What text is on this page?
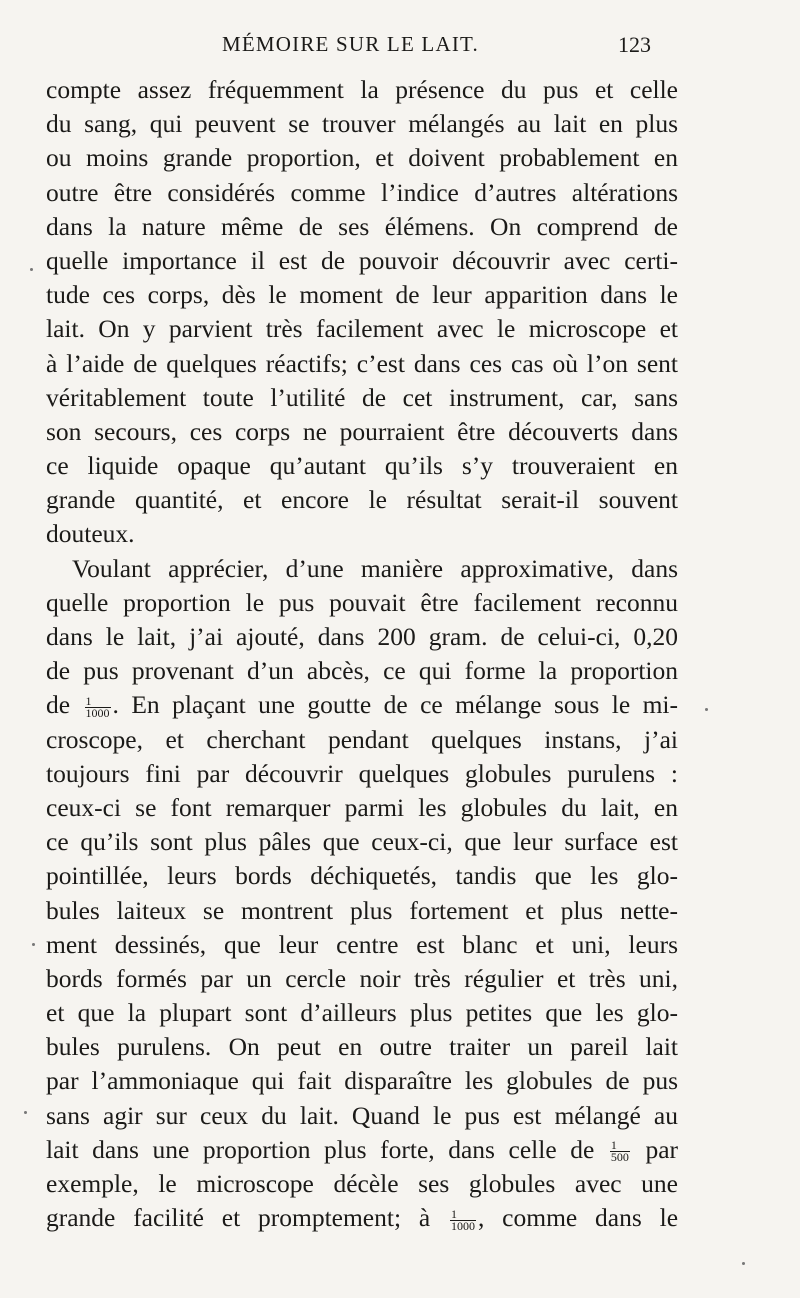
MÉMOIRE SUR LE LAIT.	123
compte assez fréquemment la présence du pus et celle
du sang, qui peuvent se trouver mélangés au lait en plus
ou moins grande proportion, et doivent probablement en
outre être considérés comme l’indice d’autres altérations
dans la nature même de ses élémens. On comprend de
quelle importance il est de pouvoir découvrir avec certi-
tude ces corps, dès le moment de leur apparition dans le
lait. On y parvient très facilement avec le microscope et
à l’aide de quelques réactifs; c’est dans ces cas où l’on sent
véritablement toute l’utilité de cet instrument, car, sans
son secours, ces corps ne pourraient être découverts dans
ce liquide opaque qu’autant qu’ils s’y trouveraient en
grande quantité, et encore le résultat serait-il souvent
douteux.
Voulant apprécier, d’une manière approximative, dans
quelle proportion le pus pouvait être facilement reconnu
dans le lait, j’ai ajouté, dans 200 gram. de celui-ci, 0,20
de pus provenant d’un abcès, ce qui forme la proportion
de $\frac{1}{1000}$ . En plaçant une goutte de ce mélange sous le mi-
croscope, et cherchant pendant quelques instans, j’ai
toujours fini par découvrir quelques globules purulens :
ceux-ci se font remarquer parmi les globules du lait, en
ce qu’ils sont plus pâles que ceux-ci, que leur surface est
pointillée, leurs bords déchiquetés, tandis que les glo-
bules laiteux se montrent plus fortement et plus nette-
ment dessinés, que leur centre est blanc et uni, leurs
bords formés par un cercle noir très régulier et très uni,
et que la plupart sont d’ailleurs plus petites que les glo-
bules purulens. On peut en outre traiter un pareil lait
par l’ammoniaque qui fait disparaître les globules de pus
sans agir sur ceux du lait. Quand le pus est mélangé au
lait dans une proportion plus forte, dans celle de $\frac{1}{500}$ par
exemple, le microscope décèle ses globules avec une
grande facilité et promptement; à $\frac{1}{1000}$ , comme dans le
